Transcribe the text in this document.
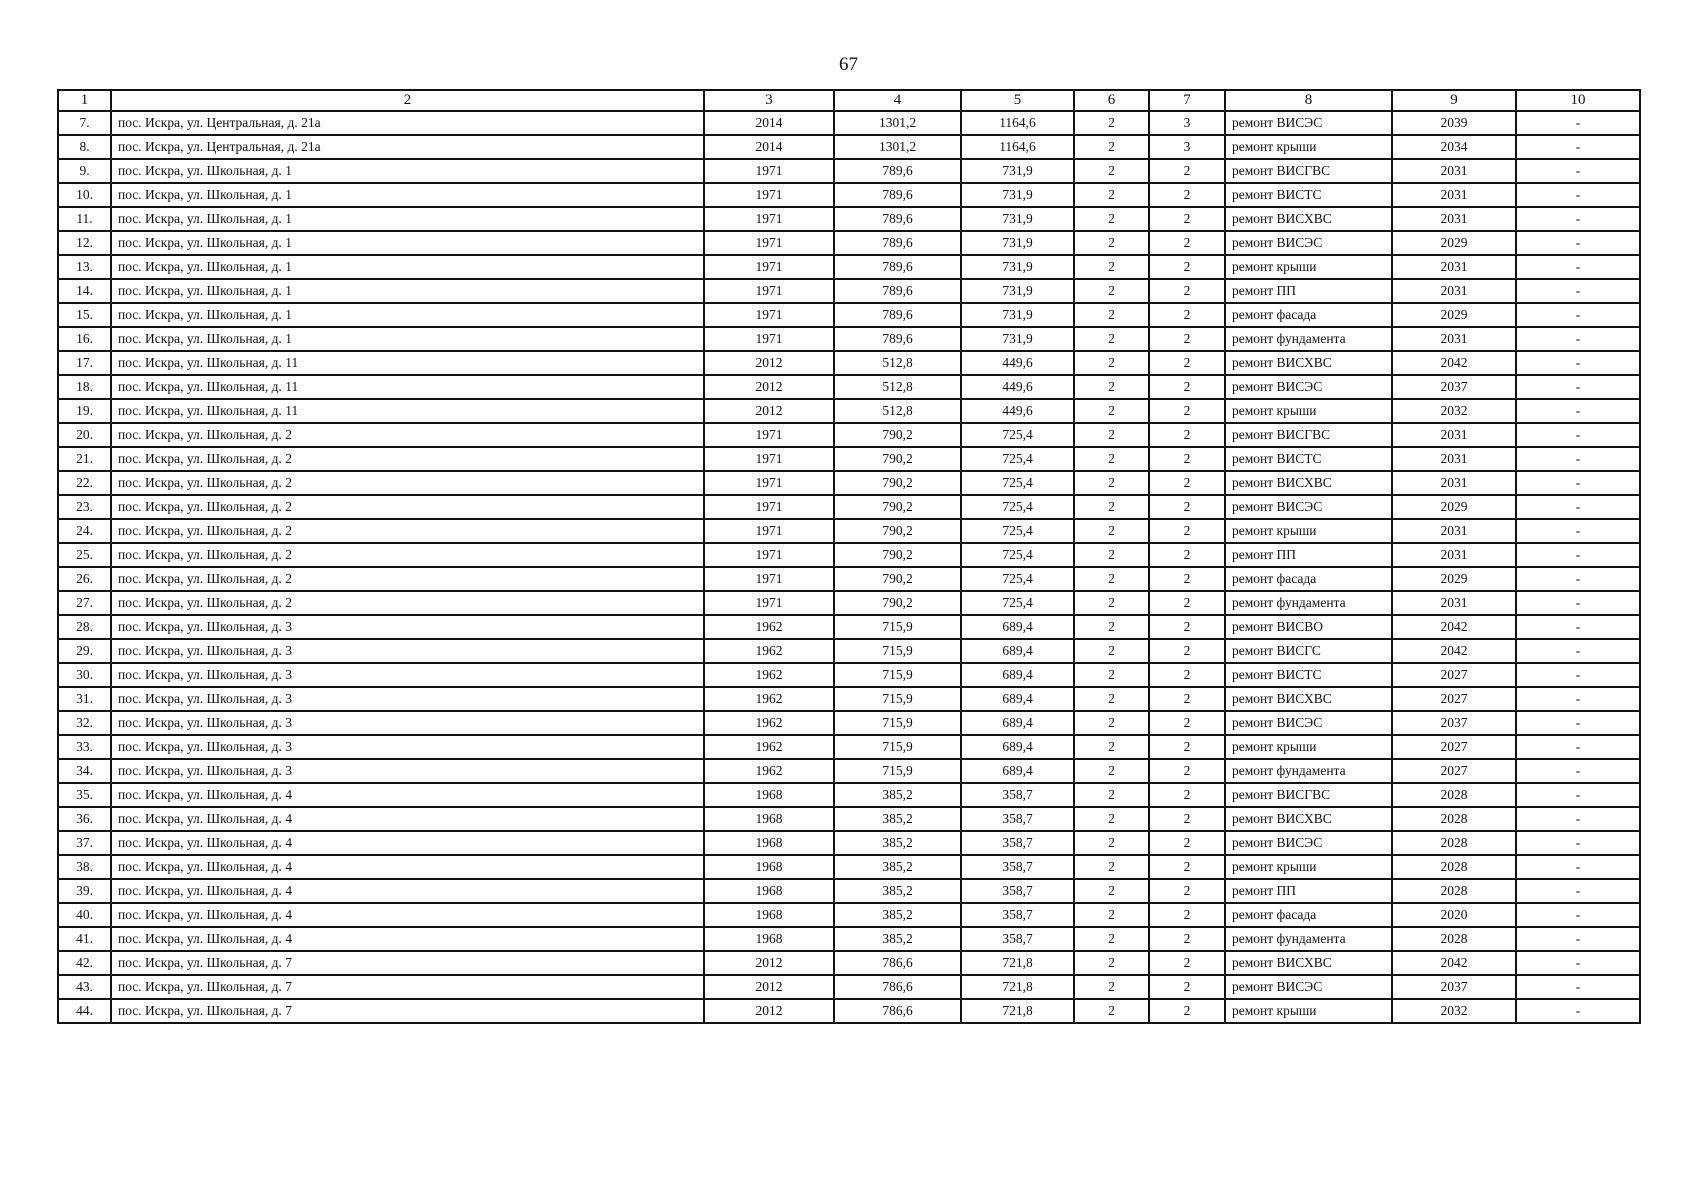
67
1	2	3	4	5	6	7	8	9	10
7.	пос. Искра, ул. Центральная, д. 21а	2014	1301,2	1164,6	2	3	ремонт ВИСЭС	2039	-
8.	пос. Искра, ул. Центральная, д. 21а	2014	1301,2	1164,6	2	3	ремонт крыши	2034	-
9.	пос. Искра, ул. Школьная, д. 1	1971	789,6	731,9	2	2	ремонт ВИСГВС	2031	-
10.	пос. Искра, ул. Школьная, д. 1	1971	789,6	731,9	2	2	ремонт ВИСТС	2031	-
11.	пос. Искра, ул. Школьная, д. 1	1971	789,6	731,9	2	2	ремонт ВИСХВС	2031	-
12.	пос. Искра, ул. Школьная, д. 1	1971	789,6	731,9	2	2	ремонт ВИСЭС	2029	-
13.	пос. Искра, ул. Школьная, д. 1	1971	789,6	731,9	2	2	ремонт крыши	2031	-
14.	пос. Искра, ул. Школьная, д. 1	1971	789,6	731,9	2	2	ремонт ПП	2031	-
15.	пос. Искра, ул. Школьная, д. 1	1971	789,6	731,9	2	2	ремонт фасада	2029	-
16.	пос. Искра, ул. Школьная, д. 1	1971	789,6	731,9	2	2	ремонт фундамента	2031	-
17.	пос. Искра, ул. Школьная, д. 11	2012	512,8	449,6	2	2	ремонт ВИСХВС	2042	-
18.	пос. Искра, ул. Школьная, д. 11	2012	512,8	449,6	2	2	ремонт ВИСЭС	2037	-
19.	пос. Искра, ул. Школьная, д. 11	2012	512,8	449,6	2	2	ремонт крыши	2032	-
20.	пос. Искра, ул. Школьная, д. 2	1971	790,2	725,4	2	2	ремонт ВИСГВС	2031	-
21.	пос. Искра, ул. Школьная, д. 2	1971	790,2	725,4	2	2	ремонт ВИСТС	2031	-
22.	пос. Искра, ул. Школьная, д. 2	1971	790,2	725,4	2	2	ремонт ВИСХВС	2031	-
23.	пос. Искра, ул. Школьная, д. 2	1971	790,2	725,4	2	2	ремонт ВИСЭС	2029	-
24.	пос. Искра, ул. Школьная, д. 2	1971	790,2	725,4	2	2	ремонт крыши	2031	-
25.	пос. Искра, ул. Школьная, д. 2	1971	790,2	725,4	2	2	ремонт ПП	2031	-
26.	пос. Искра, ул. Школьная, д. 2	1971	790,2	725,4	2	2	ремонт фасада	2029	-
27.	пос. Искра, ул. Школьная, д. 2	1971	790,2	725,4	2	2	ремонт фундамента	2031	-
28.	пос. Искра, ул. Школьная, д. 3	1962	715,9	689,4	2	2	ремонт ВИСВО	2042	-
29.	пос. Искра, ул. Школьная, д. 3	1962	715,9	689,4	2	2	ремонт ВИСГС	2042	-
30.	пос. Искра, ул. Школьная, д. 3	1962	715,9	689,4	2	2	ремонт ВИСТС	2027	-
31.	пос. Искра, ул. Школьная, д. 3	1962	715,9	689,4	2	2	ремонт ВИСХВС	2027	-
32.	пос. Искра, ул. Школьная, д. 3	1962	715,9	689,4	2	2	ремонт ВИСЭС	2037	-
33.	пос. Искра, ул. Школьная, д. 3	1962	715,9	689,4	2	2	ремонт крыши	2027	-
34.	пос. Искра, ул. Школьная, д. 3	1962	715,9	689,4	2	2	ремонт фундамента	2027	-
35.	пос. Искра, ул. Школьная, д. 4	1968	385,2	358,7	2	2	ремонт ВИСГВС	2028	-
36.	пос. Искра, ул. Школьная, д. 4	1968	385,2	358,7	2	2	ремонт ВИСХВС	2028	-
37.	пос. Искра, ул. Школьная, д. 4	1968	385,2	358,7	2	2	ремонт ВИСЭС	2028	-
38.	пос. Искра, ул. Школьная, д. 4	1968	385,2	358,7	2	2	ремонт крыши	2028	-
39.	пос. Искра, ул. Школьная, д. 4	1968	385,2	358,7	2	2	ремонт ПП	2028	-
40.	пос. Искра, ул. Школьная, д. 4	1968	385,2	358,7	2	2	ремонт фасада	2020	-
41.	пос. Искра, ул. Школьная, д. 4	1968	385,2	358,7	2	2	ремонт фундамента	2028	-
42.	пос. Искра, ул. Школьная, д. 7	2012	786,6	721,8	2	2	ремонт ВИСХВС	2042	-
43.	пос. Искра, ул. Школьная, д. 7	2012	786,6	721,8	2	2	ремонт ВИСЭС	2037	-
44.	пос. Искра, ул. Школьная, д. 7	2012	786,6	721,8	2	2	ремонт крыши	2032	-
